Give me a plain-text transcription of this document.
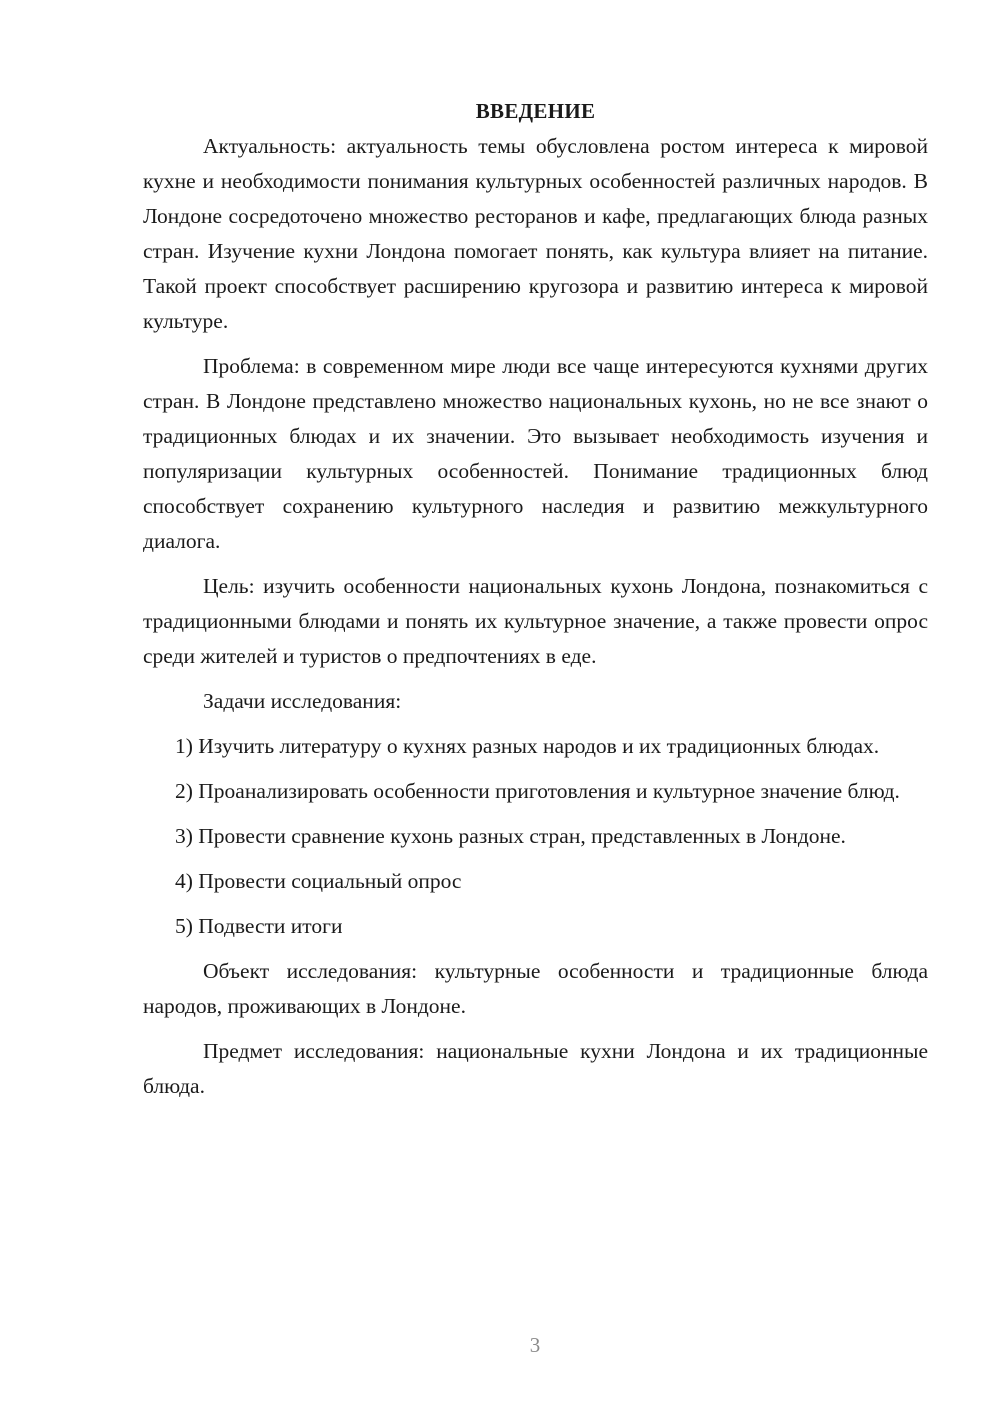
ВВЕДЕНИЕ

Актуальность: актуальность темы обусловлена ростом интереса к мировой кухне и необходимости понимания культурных особенностей различных народов. В Лондоне сосредоточено множество ресторанов и кафе, предлагающих блюда разных стран. Изучение кухни Лондона помогает понять, как культура влияет на питание. Такой проект способствует расширению кругозора и развитию интереса к мировой культуре.

Проблема: в современном мире люди все чаще интересуются кухнями других стран. В Лондоне представлено множество национальных кухонь, но не все знают о традиционных блюдах и их значении. Это вызывает необходимость изучения и популяризации культурных особенностей. Понимание традиционных блюд способствует сохранению культурного наследия и развитию межкультурного диалога.

Цель: изучить особенности национальных кухонь Лондона, познакомиться с традиционными блюдами и понять их культурное значение, а также провести опрос среди жителей и туристов о предпочтениях в еде.

Задачи исследования:

1) Изучить литературу о кухнях разных народов и их традиционных блюдах.

2) Проанализировать особенности приготовления и культурное значение блюд.

3) Провести сравнение кухонь разных стран, представленных в Лондоне.

4) Провести социальный опрос

5) Подвести итоги

Объект исследования: культурные особенности и традиционные блюда народов, проживающих в Лондоне.

Предмет исследования: национальные кухни Лондона и их традиционные блюда.

3
